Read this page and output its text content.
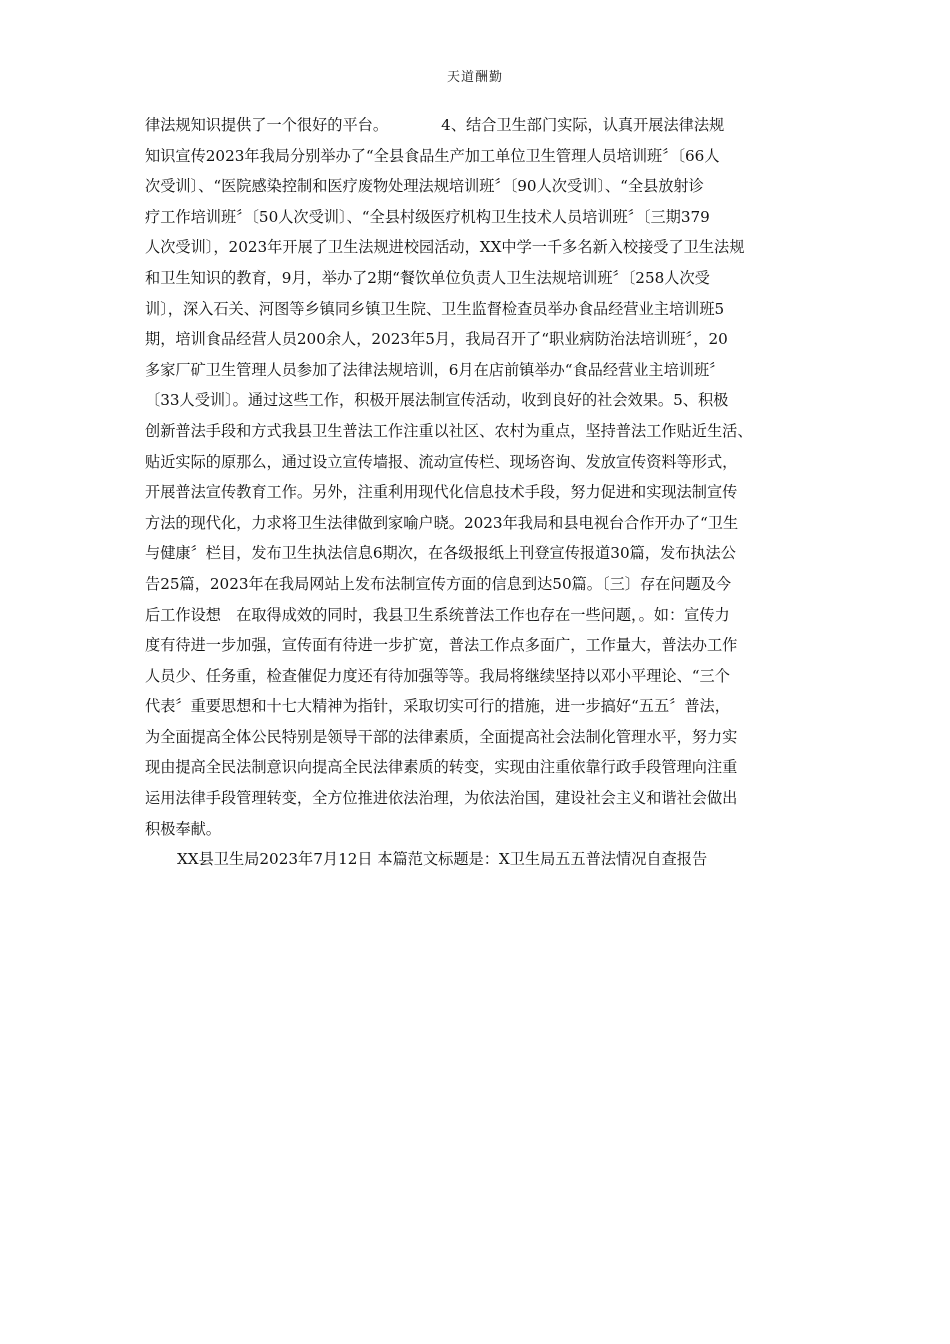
天道酬勤
律法规知识提供了一个很好的平台。　　　　4、结合卫生部门实际，认真开展法律法规
知识宣传2023年我局分别举办了“全县食品生产加工单位卫生管理人员培训班〞〔66人
次受训〕、“医院感染控制和医疗废物处理法规培训班〞〔90人次受训〕、“全县放射诊
疗工作培训班〞〔50人次受训〕、“全县村级医疗机构卫生技术人员培训班〞〔三期379
人次受训〕，2023年开展了卫生法规进校园活动，XX中学一千多名新入校接受了卫生法规
和卫生知识的教育，9月，举办了2期“餐饮单位负责人卫生法规培训班〞〔258人次受
训〕，深入石关、河图等乡镇同乡镇卫生院、卫生监督检查员举办食品经营业主培训班5
期，培训食品经营人员200余人，2023年5月，我局召开了“职业病防治法培训班〞，20
多家厂矿卫生管理人员参加了法律法规培训，6月在店前镇举办“食品经营业主培训班〞
〔33人受训〕。通过这些工作，积极开展法制宣传活动，收到良好的社会效果。5、积极
创新普法手段和方式我县卫生普法工作注重以社区、农村为重点，坚持普法工作贴近生活、
贴近实际的原那么，通过设立宣传墙报、流动宣传栏、现场咨询、发放宣传资料等形式，
开展普法宣传教育工作。另外，注重利用现代化信息技术手段，努力促进和实现法制宣传
方法的现代化，力求将卫生法律做到家喻户晓。2023年我局和县电视台合作开办了“卫生
与健康〞栏目，发布卫生执法信息6期次，在各级报纸上刊登宣传报道30篇，发布执法公
告25篇，2023年在我局网站上发布法制宣传方面的信息到达50篇。〔三〕存在问题及今
后工作设想　在取得成效的同时，我县卫生系统普法工作也存在一些问题，。如：宣传力
度有待进一步加强，宣传面有待进一步扩宽，普法工作点多面广，工作量大，普法办工作
人员少、任务重，检查催促力度还有待加强等等。我局将继续坚持以邓小平理论、“三个
代表〞重要思想和十七大精神为指针，采取切实可行的措施，进一步搞好“五五〞普法，
为全面提高全体公民特别是领导干部的法律素质，全面提高社会法制化管理水平，努力实
现由提高全民法制意识向提高全民法律素质的转变，实现由注重依靠行政手段管理向注重
运用法律手段管理转变，全方位推进依法治理，为依法治国，建设社会主义和谐社会做出
积极奉献。
XX县卫生局2023年7月12日 本篇范文标题是：X卫生局五五普法情况自查报告
